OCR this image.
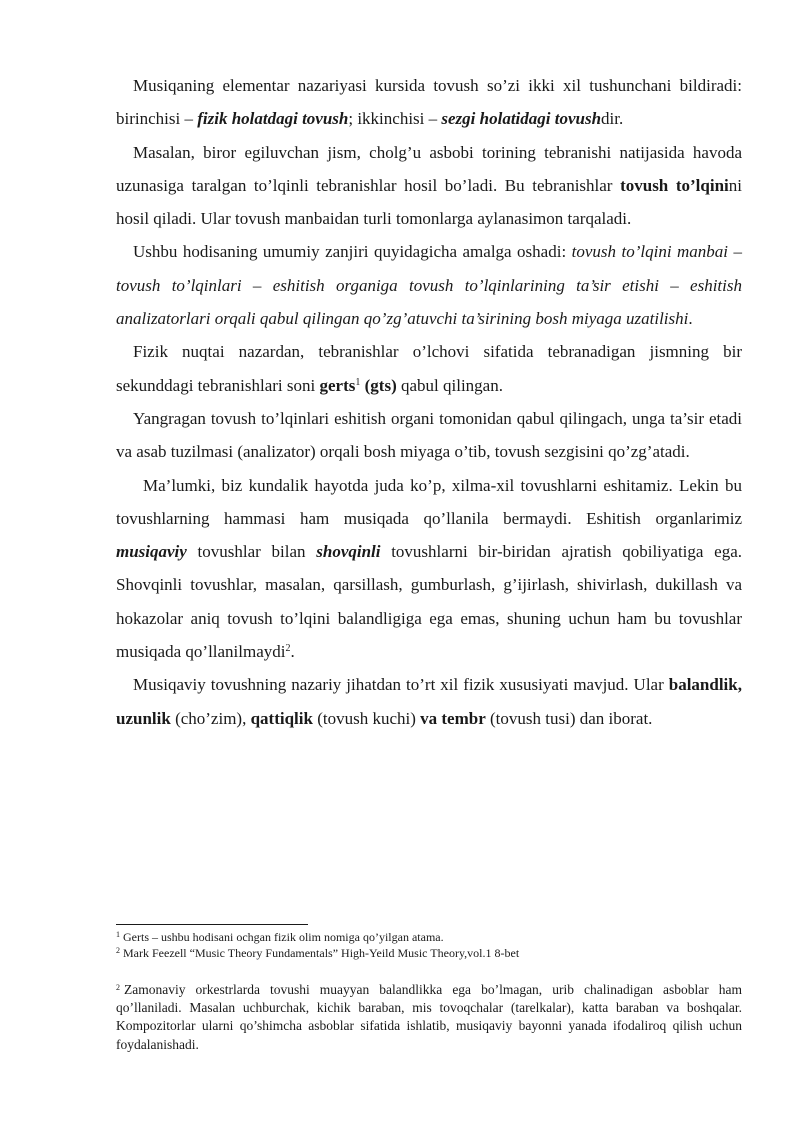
Musiqaning elementar nazariyasi kursida tovush so’zi ikki xil tushunchani bildiradi: birinchisi – fizik holatdagi tovush; ikkinchisi – sezgi holatidagi tovushdir.

Masalan, biror egiluvchan jism, cholg’u asbobi torining tebranishi natijasida havoda uzunasiga taralgan to’lqinli tebranishlar hosil bo’ladi. Bu tebranishlar tovush to’lqinini hosil qiladi. Ular tovush manbaidan turli tomonlarga aylanasimon tarqaladi.

Ushbu hodisaning umumiy zanjiri quyidagicha amalga oshadi: tovush to’lqini manbai – tovush to’lqinlari – eshitish organiga tovush to’lqinlarining ta’sir etishi – eshitish analizatorlari orqali qabul qilingan qo’zg’atuvchi ta’sirining bosh miyaga uzatilishi.

Fizik nuqtai nazardan, tebranishlar o’lchovi sifatida tebranadigan jismning bir sekunddagi tebranishlari soni gerts$^1$ (gts) qabul qilingan.

Yangragan tovush to’lqinlari eshitish organi tomonidan qabul qilingach, unga ta’sir etadi va asab tuzilmasi (analizator) orqali bosh miyaga o’tib, tovush sezgisini qo’zg’atadi.

Ma’lumki, biz kundalik hayotda juda ko’p, xilma-xil tovushlarni eshitamiz. Lekin bu tovushlarning hammasi ham musiqada qo’llanila bermaydi. Eshitish organlarimiz musiqaviy tovushlar bilan shovqinli tovushlarni bir-biridan ajratish qobiliyatiga ega. Shovqinli tovushlar, masalan, qarsillash, gumburlash, g’ijirlash, shivirlash, dukillash va hokazolar aniq tovush to’lqini balandligiga ega emas, shuning uchun ham bu tovushlar musiqada qo’llanilmaydi$^2$.

Musiqaviy tovushning nazariy jihatdan to’rt xil fizik xususiyati mavjud. Ular balandlik, uzunlik (cho’zim), qattiqlik (tovush kuchi) va tembr (tovush tusi) dan iborat.

$^1$ Gerts – ushbu hodisani ochgan fizik olim nomiga qo’yilgan atama.

$^2$ Mark Feezell “Music Theory Fundamentals” High-Yeild Music Theory,vol.1 8-bet

$^2$ Zamonaviy orkestrlarda tovushi muayyan balandlikka ega bo’lmagan, urib chalinadigan asboblar ham qo’llaniladi. Masalan uchburchak, kichik baraban, mis tovoqchalar (tarelkalar), katta baraban va boshqalar. Kompozitorlar ularni qo’shimcha asboblar sifatida ishlatib, musiqaviy bayonni yanada ifodaliroq qilish uchun foydalanishadi.
